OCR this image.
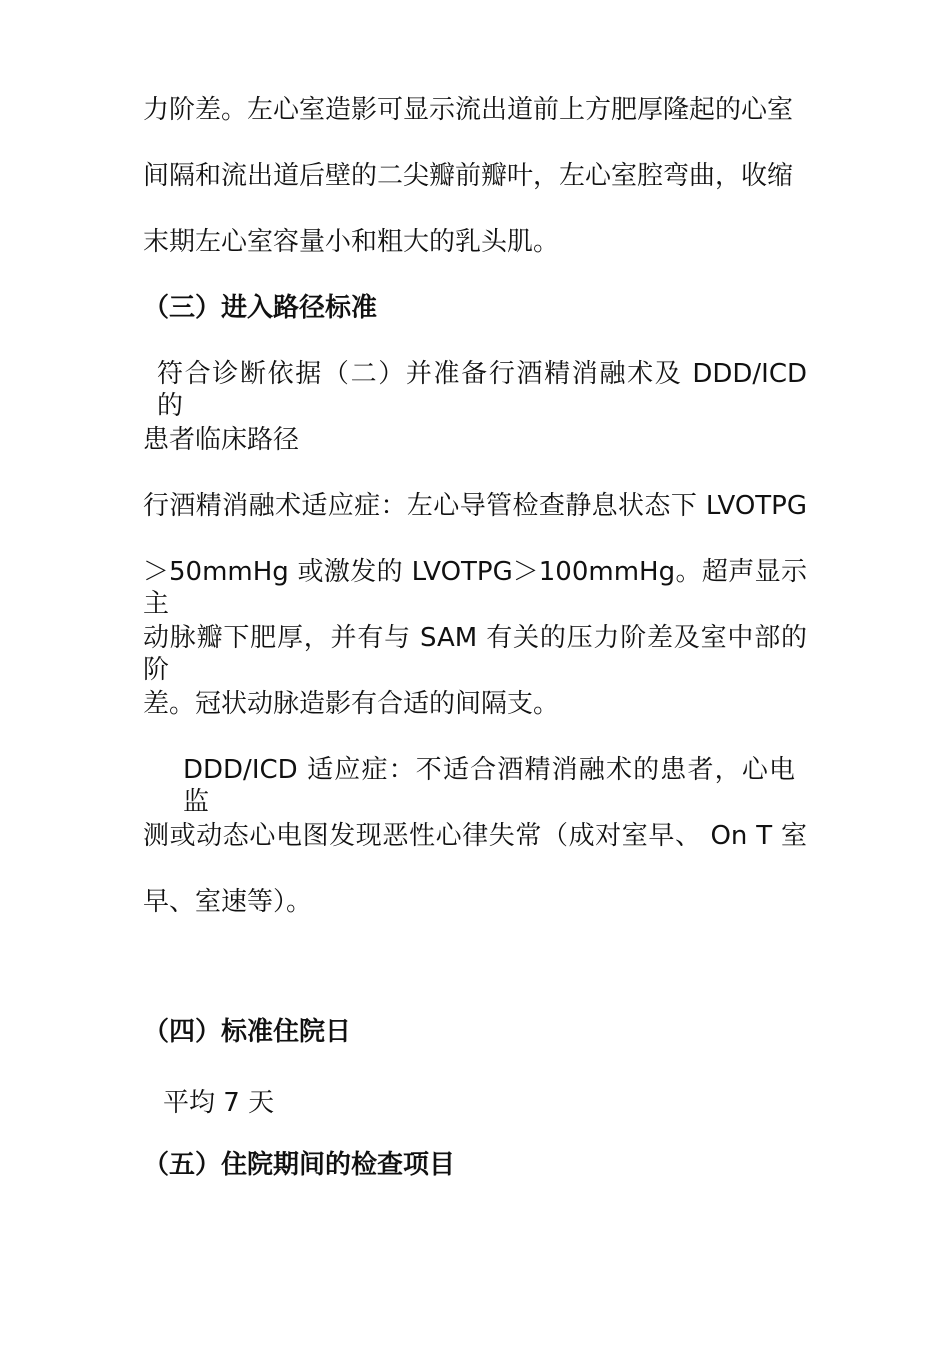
力阶差。左心室造影可显示流出道前上方肥厚隆起的心室
间隔和流出道后壁的二尖瓣前瓣叶，左心室腔弯曲，收缩
末期左心室容量小和粗大的乳头肌。
（三）进入路径标准
符合诊断依据（二）并准备行酒精消融术及 DDD/ICD 的
患者临床路径
行酒精消融术适应症：左心导管检查静息状态下 LVOTPG
＞50mmHg 或激发的 LVOTPG＞100mmHg。超声显示主
动脉瓣下肥厚，并有与 SAM 有关的压力阶差及室中部的阶
差。冠状动脉造影有合适的间隔支。
DDD/ICD 适应症：不适合酒精消融术的患者，心电监
测或动态心电图发现恶性心律失常（成对室早、 On T 室
早、室速等）。
（四）标准住院日
平均 7 天
（五）住院期间的检查项目
